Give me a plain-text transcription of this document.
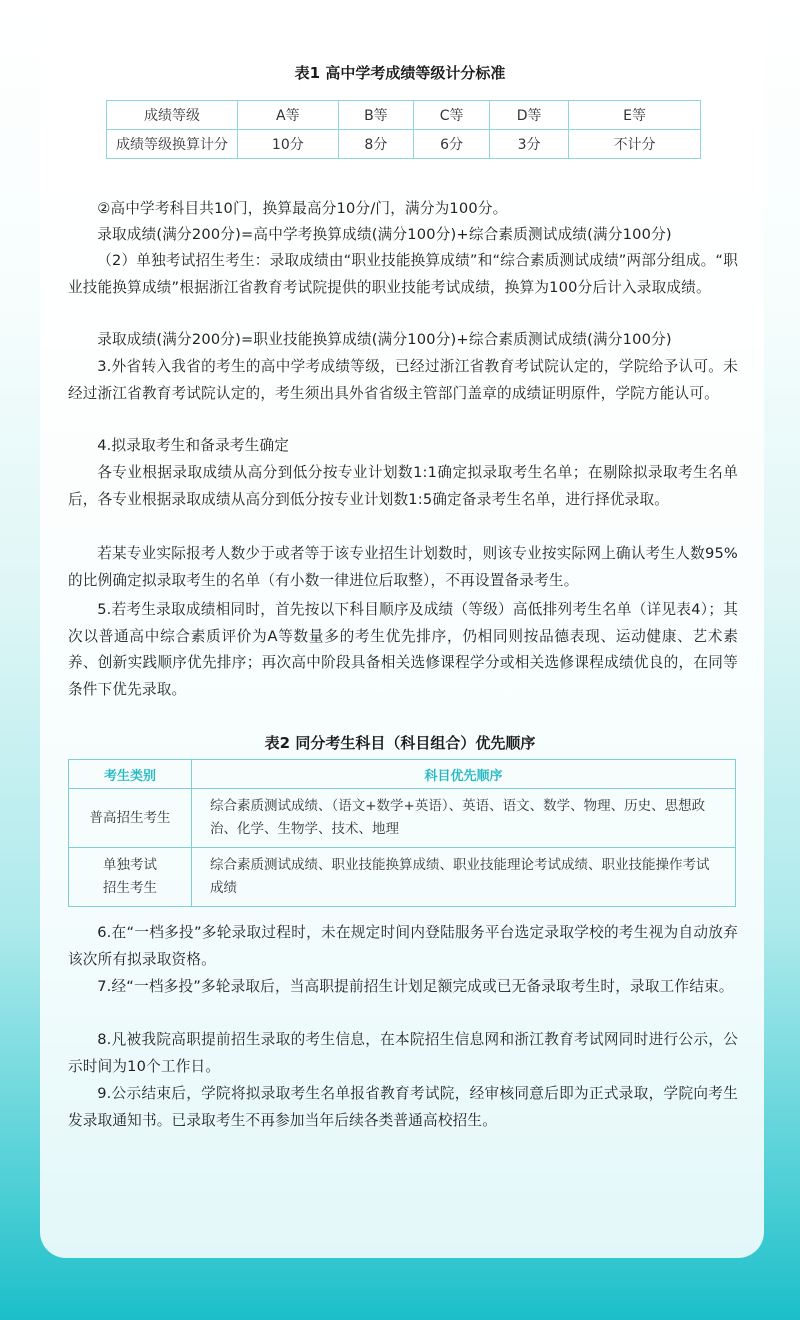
表1 高中学考成绩等级计分标准
成绩等级	A等	B等	C等	D等	E等
成绩等级换算计分	10分	8分	6分	3分	不计分
②高中学考科目共10门，换算最高分10分/门，满分为100分。
录取成绩(满分200分)=高中学考换算成绩(满分100分)+综合素质测试成绩(满分100分)
（2）单独考试招生考生：录取成绩由“职业技能换算成绩”和“综合素质测试成绩”两部分组成。“职业技能换算成绩”根据浙江省教育考试院提供的职业技能考试成绩，换算为100分后计入录取成绩。
录取成绩(满分200分)=职业技能换算成绩(满分100分)+综合素质测试成绩(满分100分)
3.外省转入我省的考生的高中学考成绩等级，已经过浙江省教育考试院认定的，学院给予认可。未经过浙江省教育考试院认定的，考生须出具外省省级主管部门盖章的成绩证明原件，学院方能认可。
4.拟录取考生和备录考生确定
各专业根据录取成绩从高分到低分按专业计划数1:1确定拟录取考生名单；在剔除拟录取考生名单后，各专业根据录取成绩从高分到低分按专业计划数1:5确定备录考生名单，进行择优录取。
若某专业实际报考人数少于或者等于该专业招生计划数时，则该专业按实际网上确认考生人数95%的比例确定拟录取考生的名单（有小数一律进位后取整），不再设置备录考生。
5.若考生录取成绩相同时，首先按以下科目顺序及成绩（等级）高低排列考生名单（详见表4）；其次以普通高中综合素质评价为A等数量多的考生优先排序，仍相同则按品德表现、运动健康、艺术素养、创新实践顺序优先排序；再次高中阶段具备相关选修课程学分或相关选修课程成绩优良的，在同等条件下优先录取。
表2 同分考生科目（科目组合）优先顺序
考生类别	科目优先顺序
普高招生考生	综合素质测试成绩、（语文+数学+英语）、英语、语文、数学、物理、历史、思想政治、化学、生物学、技术、地理
单独考试招生考生	综合素质测试成绩、职业技能换算成绩、职业技能理论考试成绩、职业技能操作考试成绩
6.在“一档多投”多轮录取过程时，未在规定时间内登陆服务平台选定录取学校的考生视为自动放弃该次所有拟录取资格。
7.经“一档多投”多轮录取后，当高职提前招生计划足额完成或已无备录取考生时，录取工作结束。
8.凡被我院高职提前招生录取的考生信息，在本院招生信息网和浙江教育考试网同时进行公示，公示时间为10个工作日。
9.公示结束后，学院将拟录取考生名单报省教育考试院，经审核同意后即为正式录取，学院向考生发录取通知书。已录取考生不再参加当年后续各类普通高校招生。
